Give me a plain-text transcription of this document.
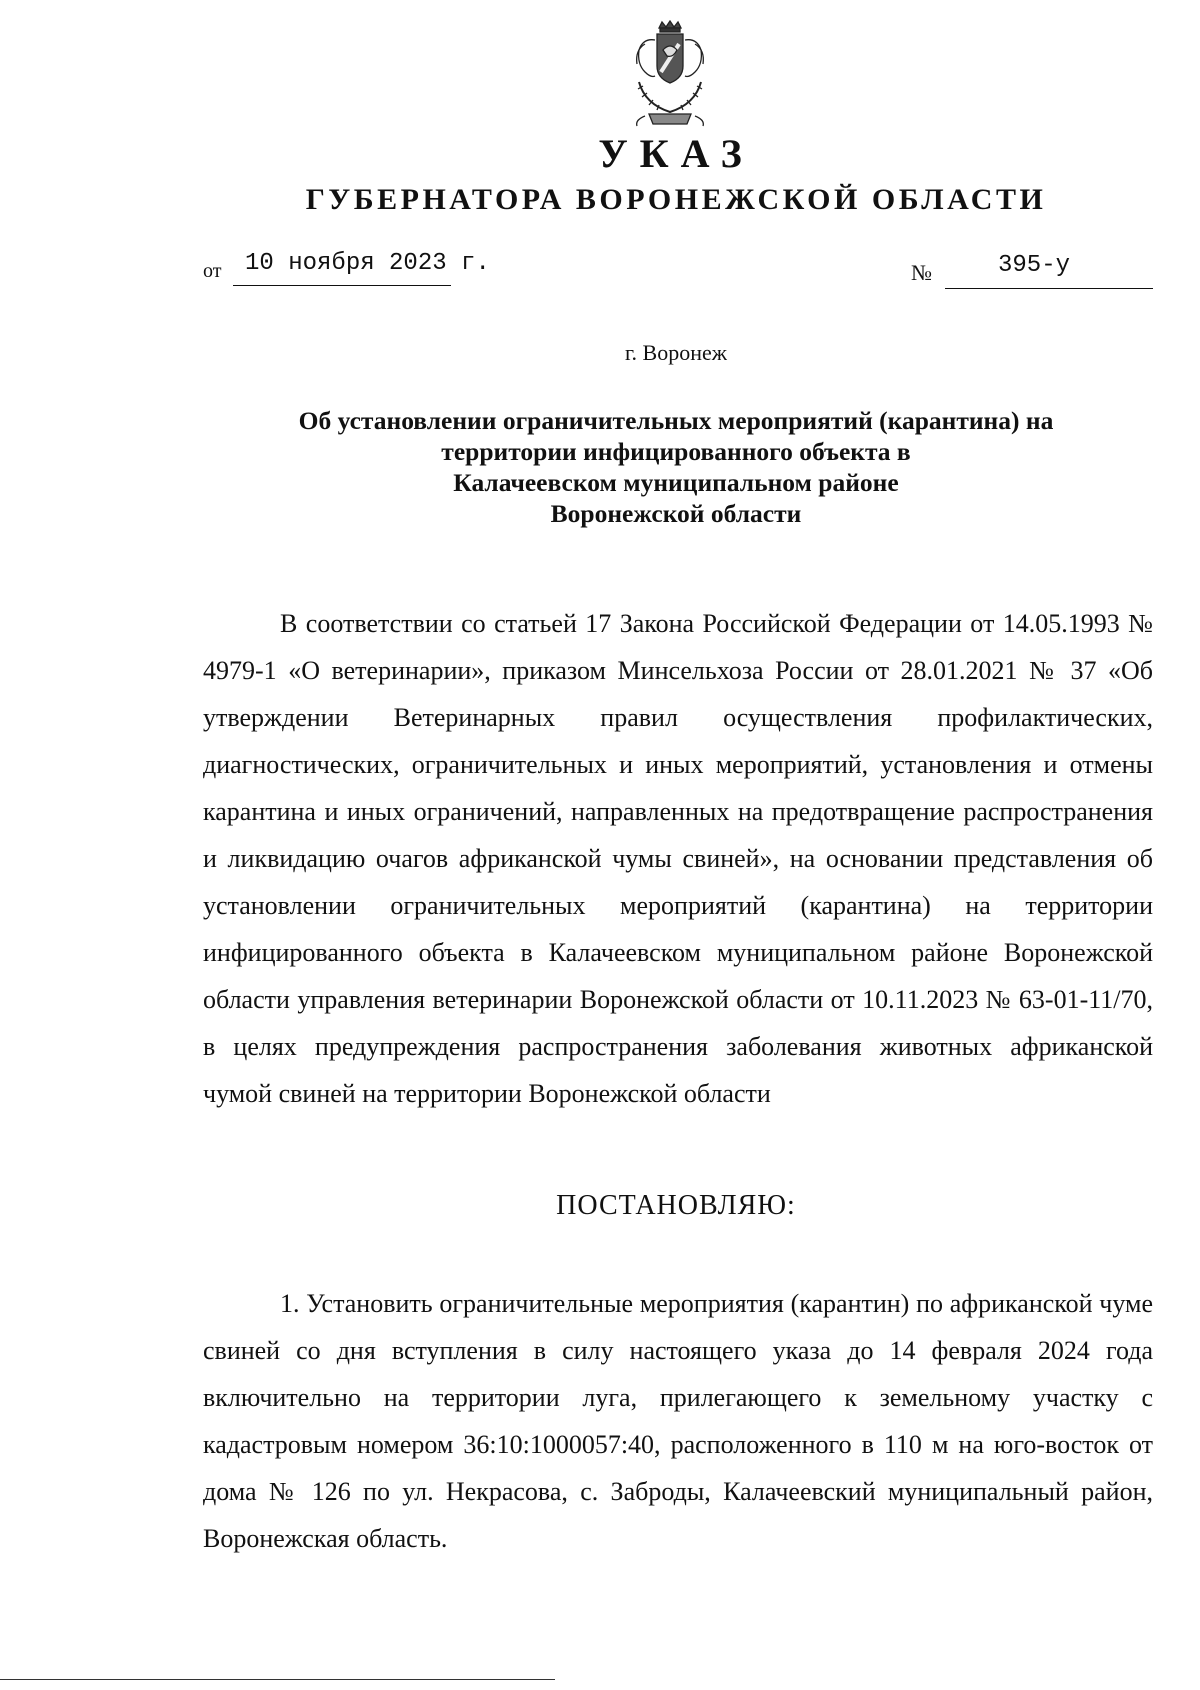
УКАЗ
ГУБЕРНАТОРА ВОРОНЕЖСКОЙ ОБЛАСТИ
от 10 ноября 2023 г.	№	395-у
г. Воронеж
Об установлении ограничительных мероприятий (карантина) на
территории инфицированного объекта в
Калачеевском муниципальном районе
Воронежской области
В соответствии со статьей 17 Закона Российской Федерации от 14.05.1993 № 4979-1 «О ветеринарии», приказом Минсельхоза России от 28.01.2021 № 37 «Об утверждении Ветеринарных правил осуществления профилактических, диагностических, ограничительных и иных мероприятий, установления и отмены карантина и иных ограничений, направленных на предотвращение распространения и ликвидацию очагов африканской чумы свиней», на основании представления об установлении ограничительных мероприятий (карантина) на территории инфицированного объекта в Калачеевском муниципальном районе Воронежской области управления ветеринарии Воронежской области от 10.11.2023 № 63-01-11/70, в целях предупреждения распространения заболевания животных африканской чумой свиней на территории Воронежской области
ПОСТАНОВЛЯЮ:
1. Установить ограничительные мероприятия (карантин) по африканской чуме свиней со дня вступления в силу настоящего указа до 14 февраля 2024 года включительно на территории луга, прилегающего к земельному участку с кадастровым номером 36:10:1000057:40, расположенного в 110 м на юго-восток от дома № 126 по ул. Некрасова, с. Заброды, Калачеевский муниципальный район, Воронежская область.
